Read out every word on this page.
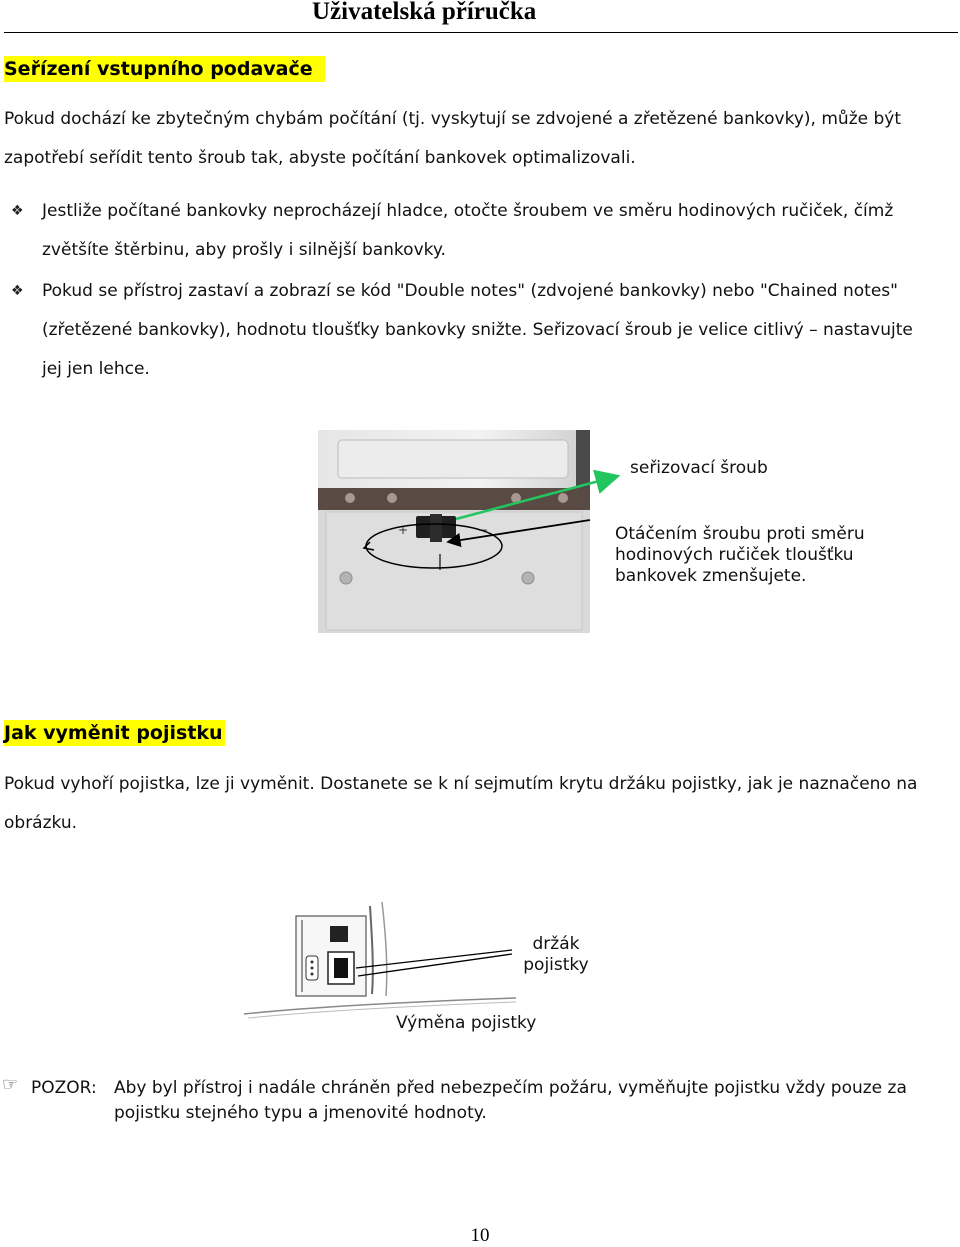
Uživatelská příručka
Seřízení vstupního podavače
Pokud dochází ke zbytečným chybám počítání (tj. vyskytují se zdvojené a zřetězené bankovky), může být zapotřebí seřídit tento šroub tak, abyste počítání bankovek optimalizovali.
❖ Jestliže počítané bankovky neprocházejí hladce, otočte šroubem ve směru hodinových ručiček, čímž zvětšíte štěrbinu, aby prošly i silnější bankovky.
❖ Pokud se přístroj zastaví a zobrazí se kód "Double notes" (zdvojené bankovky) nebo "Chained notes" (zřetězené bankovky), hodnotu tloušťky bankovky snižte. Seřizovací šroub je velice citlivý – nastavujte jej jen lehce.
+	−
seřizovací šroub
Otáčením šroubu proti směru hodinových ručiček tloušťku bankovek zmenšujete.
Jak vyměnit pojistku
Pokud vyhoří pojistka, lze ji vyměnit. Dostanete se k ní sejmutím krytu držáku pojistky, jak je naznačeno na obrázku.
držák pojistky
Výměna pojistky
☞ POZOR: Aby byl přístroj i nadále chráněn před nebezpečím požáru, vyměňujte pojistku vždy pouze za pojistku stejného typu a jmenovité hodnoty.
10
